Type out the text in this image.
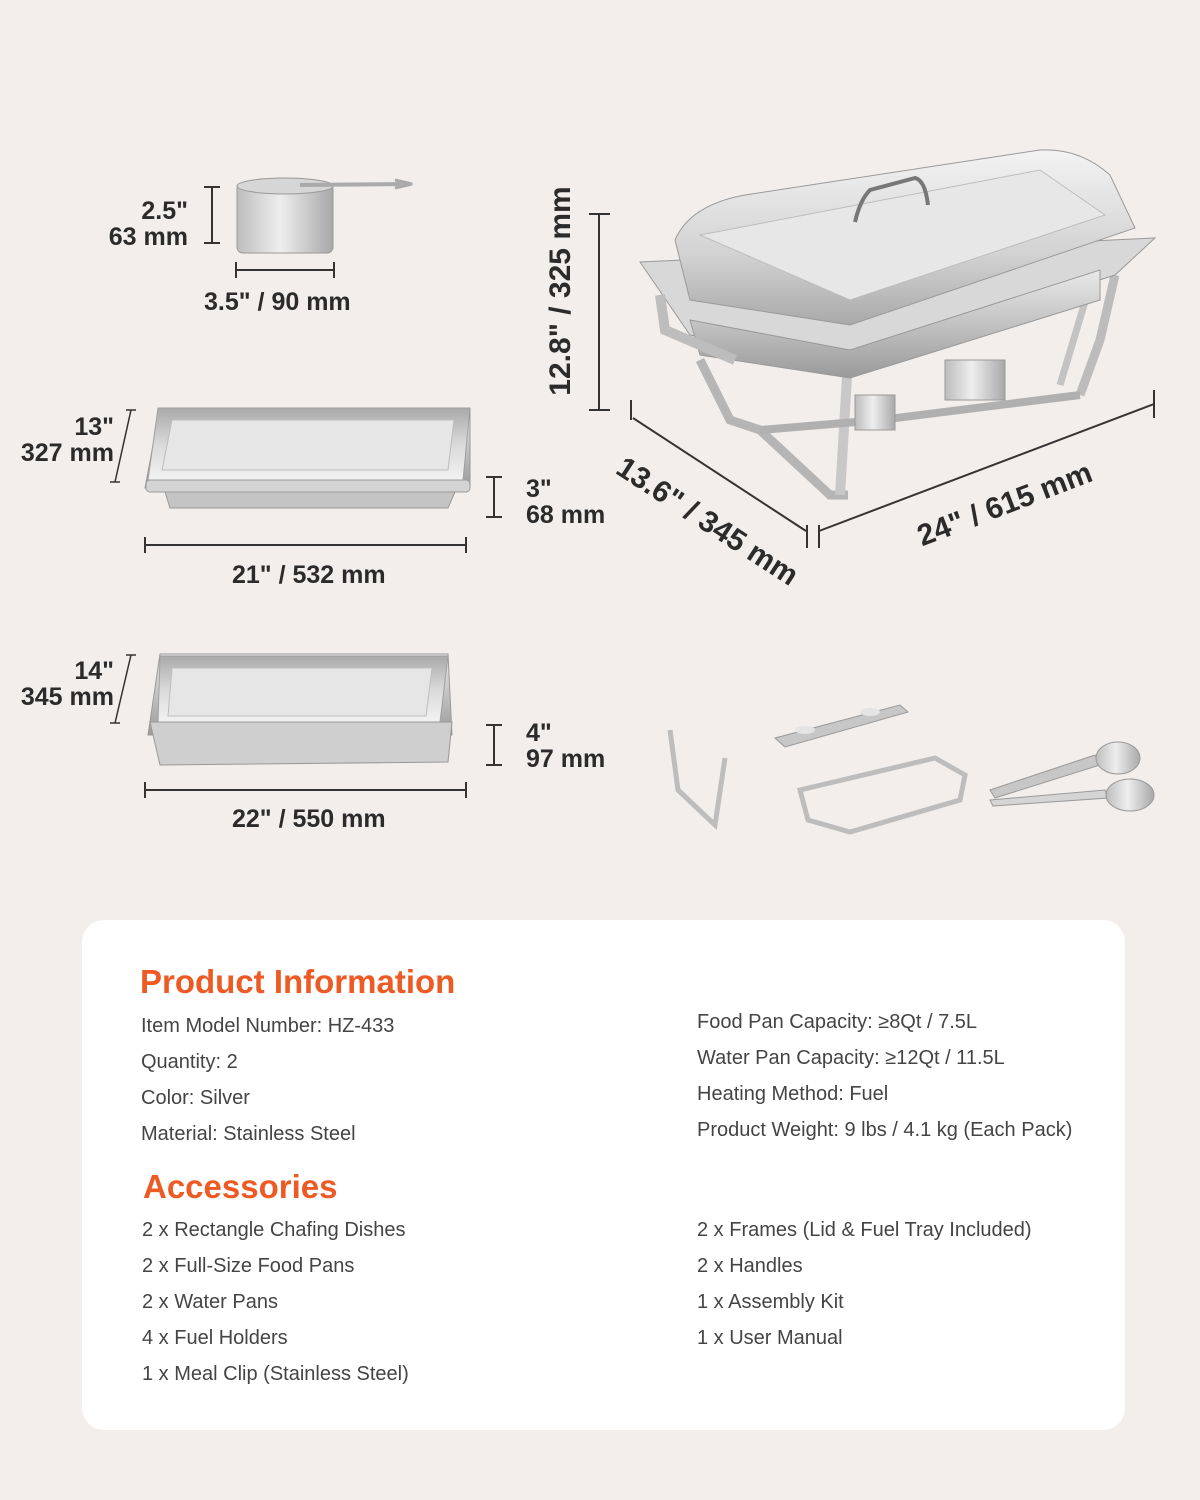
2.5"
63 mm
3.5" / 90 mm
13"
327 mm
3"
68 mm
21" / 532 mm
14"
345 mm
4"
97 mm
22" / 550 mm
12.8" / 325 mm
13.6" / 345 mm	24" / 615 mm
Product Information
Item Model Number: HZ-433
Quantity: 2
Color: Silver
Material: Stainless Steel
Food Pan Capacity: ≥8Qt / 7.5L
Water Pan Capacity: ≥12Qt / 11.5L
Heating Method: Fuel
Product Weight: 9 lbs / 4.1 kg (Each Pack)
Accessories
2 x Rectangle Chafing Dishes
2 x Full-Size Food Pans
2 x Water Pans
4 x Fuel Holders
1 x Meal Clip (Stainless Steel)
2 x Frames (Lid & Fuel Tray Included)
2 x Handles
1 x Assembly Kit
1 x User Manual
